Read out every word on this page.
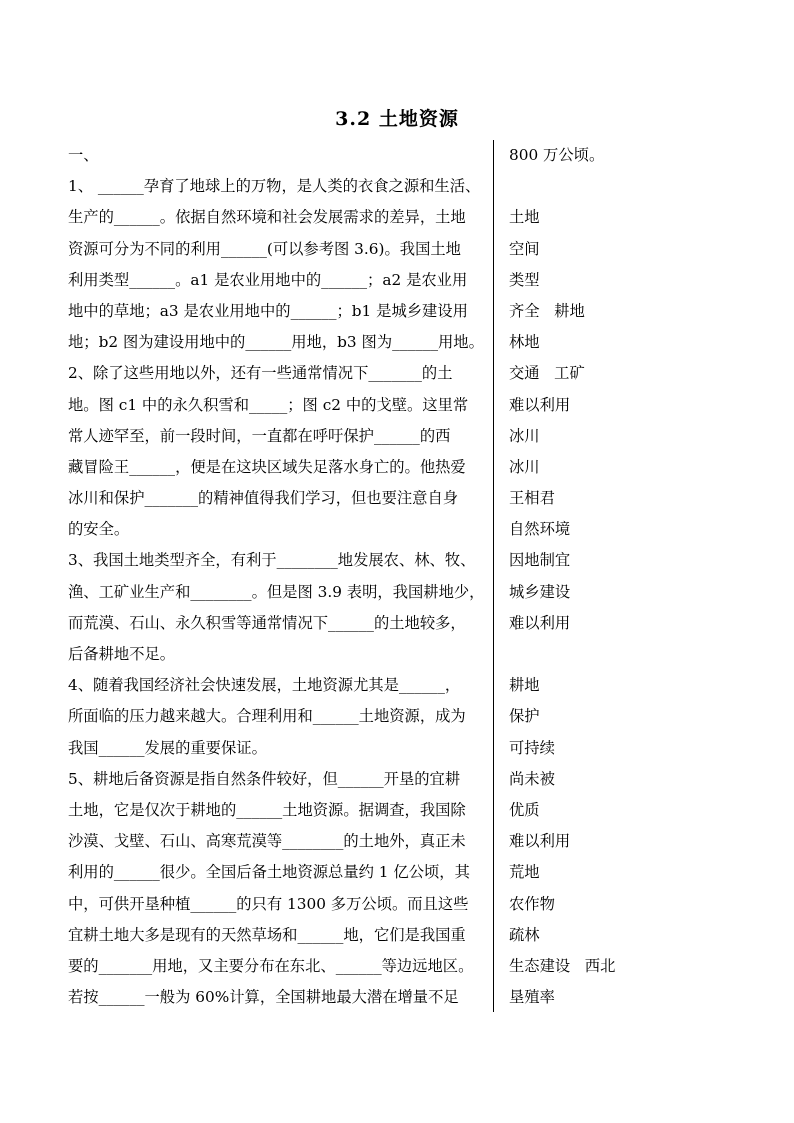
3.2 土地资源
一、
1、 ______孕育了地球上的万物，是人类的衣食之源和生活、
生产的______。依据自然环境和社会发展需求的差异，土地
资源可分为不同的利用______(可以参考图 3.6)。我国土地
利用类型______。a1 是农业用地中的______；a2 是农业用
地中的草地；a3 是农业用地中的______；b1 是城乡建设用
地；b2 图为建设用地中的______用地，b3 图为______用地。
2、除了这些用地以外，还有一些通常情况下_______的土
地。图 c1 中的永久积雪和_____；图 c2 中的戈壁。这里常
常人迹罕至，前一段时间，一直都在呼吁保护______的西
藏冒险王______，便是在这块区域失足落水身亡的。他热爱
冰川和保护_______的精神值得我们学习，但也要注意自身
的安全。
3、我国土地类型齐全，有利于________地发展农、林、牧、
渔、工矿业生产和________。但是图 3.9 表明，我国耕地少，
而荒漠、石山、永久积雪等通常情况下______的土地较多，
后备耕地不足。
4、随着我国经济社会快速发展，土地资源尤其是______，
所面临的压力越来越大。合理利用和______土地资源，成为
我国______发展的重要保证。
5、耕地后备资源是指自然条件较好，但______开垦的宜耕
土地，它是仅次于耕地的______土地资源。据调查，我国除
沙漠、戈壁、石山、高寒荒漠等________的土地外，真正未
利用的______很少。全国后备土地资源总量约 1 亿公顷，其
中，可供开垦种植______的只有 1300 多万公顷。而且这些
宜耕土地大多是现有的天然草场和______地，它们是我国重
要的_______用地，又主要分布在东北、______等边远地区。
若按______一般为 60%计算，全国耕地最大潜在增量不足
800 万公顷。
土地
空间
类型
齐全   耕地
林地
交通   工矿
难以利用
冰川
冰川
王相君
自然环境
因地制宜
城乡建设
难以利用
耕地
保护
可持续
尚未被
优质
难以利用
荒地
农作物
疏林
生态建设   西北
垦殖率
